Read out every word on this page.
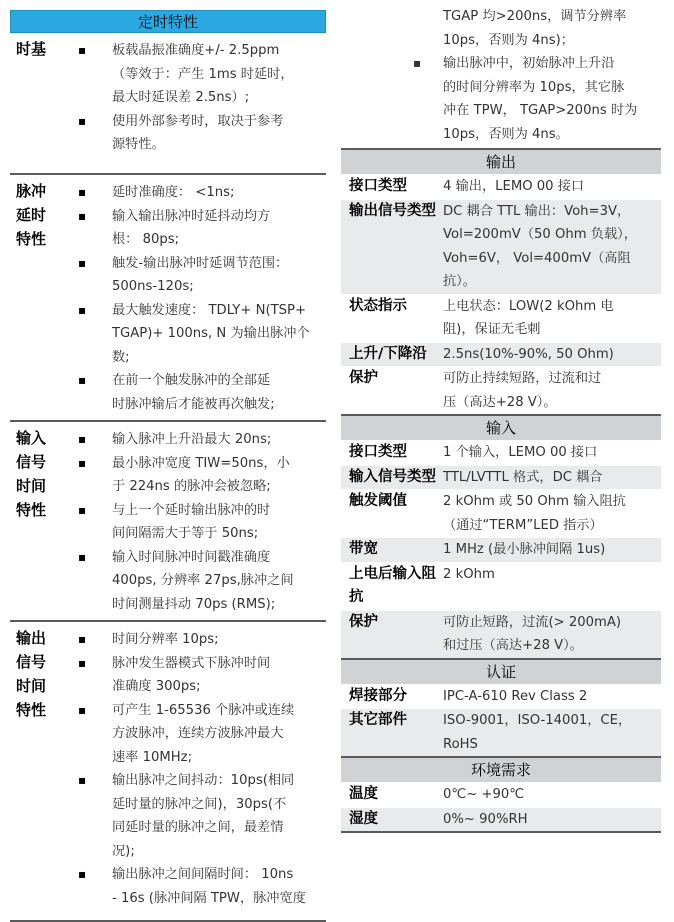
定时特性
时基
▪	板载晶振准确度+/- 2.5ppm
（等效于：产生 1ms 时延时，
最大时延误差 2.5ns）;
▪ 使用外部参考时，取决于参考
源特性。
脉冲延时特性
▪ 延时准确度： <1ns;
▪ 输入输出脉冲时延抖动均方
根： 80ps;
▪ 触发-输出脉冲时延调节范围：
500ns-120s;
▪ 最大触发速度： TDLY+ N(TSP+
TGAP)+ 100ns, N 为输出脉冲个
数;
▪ 在前一个触发脉冲的全部延
时脉冲输后才能被再次触发;
输入信号时间特性
▪ 输入脉冲上升沿最大 20ns;
▪ 最小脉冲宽度 TIW=50ns，小
于 224ns 的脉冲会被忽略;
▪ 与上一个延时输出脉冲的时
间间隔需大于等于 50ns;
▪ 输入时间脉冲时间戳准确度
400ps, 分辨率 27ps,脉冲之间
时间测量抖动 70ps (RMS);
输出信号时间特性
▪ 时间分辨率 10ps;
▪ 脉冲发生器模式下脉冲时间
准确度 300ps;
▪ 可产生 1-65536 个脉冲或连续
方波脉冲，连续方波脉冲最大
速率 10MHz;
▪ 输出脉冲之间抖动：10ps(相同
延时量的脉冲之间)，30ps(不
同延时量的脉冲之间，最差情
况);
▪ 输出脉冲之间间隔时间： 10ns
- 16s (脉冲间隔 TPW，脉冲宽度
TGAP 均>200ns，调节分辨率
10ps，否则为 4ns)；
▪ 输出脉冲中，初始脉冲上升沿
的时间分辨率为 10ps，其它脉
冲在 TPW， TGAP>200ns 时为
10ps，否则为 4ns。
输出
接口类型	4 输出，LEMO 00 接口
输出信号类型 DC 耦合 TTL 输出：Voh=3V，
Vol=200mV（50 Ohm 负载），
Voh=6V， Vol=400mV（高阻
抗）。
状态指示	上电状态：LOW(2 kOhm 电
阻)，保证无毛刺
上升/下降沿	2.5ns(10%-90%, 50 Ohm)
保护	可防止持续短路，过流和过
压（高达+28 V）。
输入
接口类型	1 个输入，LEMO 00 接口
输入信号类型 TTL/LVTTL 格式，DC 耦合
触发阈值	2 kOhm 或 50 Ohm 输入阻抗
（通过“TERM”LED 指示）
带宽	1 MHz (最小脉冲间隔 1us)
上电后输入阻抗
2 kOhm
保护	可防止短路，过流(> 200mA)
和过压（高达+28 V）。
认证
焊接部分	IPC-A-610 Rev Class 2
其它部件	ISO-9001，ISO-14001，CE，
RoHS
环境需求
温度	0℃~ +90℃
湿度	0%~ 90%RH
